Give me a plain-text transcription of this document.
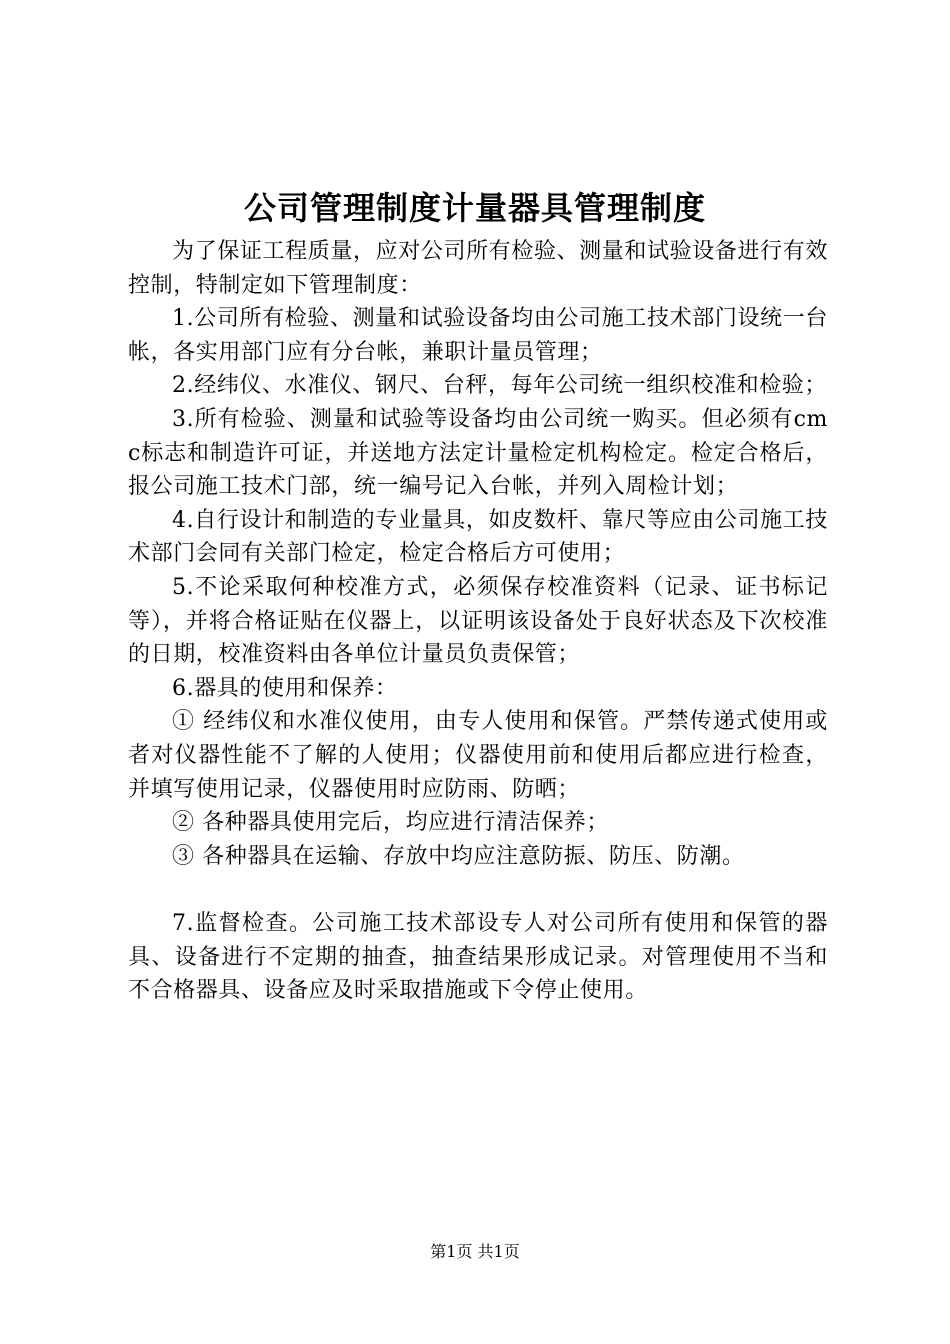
公司管理制度计量器具管理制度

为了保证工程质量，应对公司所有检验、测量和试验设备进行有效控制，特制定如下管理制度：

1.公司所有检验、测量和试验设备均由公司施工技术部门设统一台帐，各实用部门应有分台帐，兼职计量员管理；

2.经纬仪、水准仪、钢尺、台秤，每年公司统一组织校准和检验；

3.所有检验、测量和试验等设备均由公司统一购买。但必须有cmc标志和制造许可证，并送地方法定计量检定机构检定。检定合格后，报公司施工技术门部，统一编号记入台帐，并列入周检计划；

4.自行设计和制造的专业量具，如皮数杆、靠尺等应由公司施工技术部门会同有关部门检定，检定合格后方可使用；

5.不论采取何种校准方式，必须保存校准资料（记录、证书标记等），并将合格证贴在仪器上，以证明该设备处于良好状态及下次校准的日期，校准资料由各单位计量员负责保管；

6.器具的使用和保养：

① 经纬仪和水准仪使用，由专人使用和保管。严禁传递式使用或者对仪器性能不了解的人使用；仪器使用前和使用后都应进行检查，并填写使用记录，仪器使用时应防雨、防晒；

② 各种器具使用完后，均应进行清洁保养；

③ 各种器具在运输、存放中均应注意防振、防压、防潮。

7.监督检查。公司施工技术部设专人对公司所有使用和保管的器具、设备进行不定期的抽查，抽查结果形成记录。对管理使用不当和不合格器具、设备应及时采取措施或下令停止使用。

第1页 共1页
